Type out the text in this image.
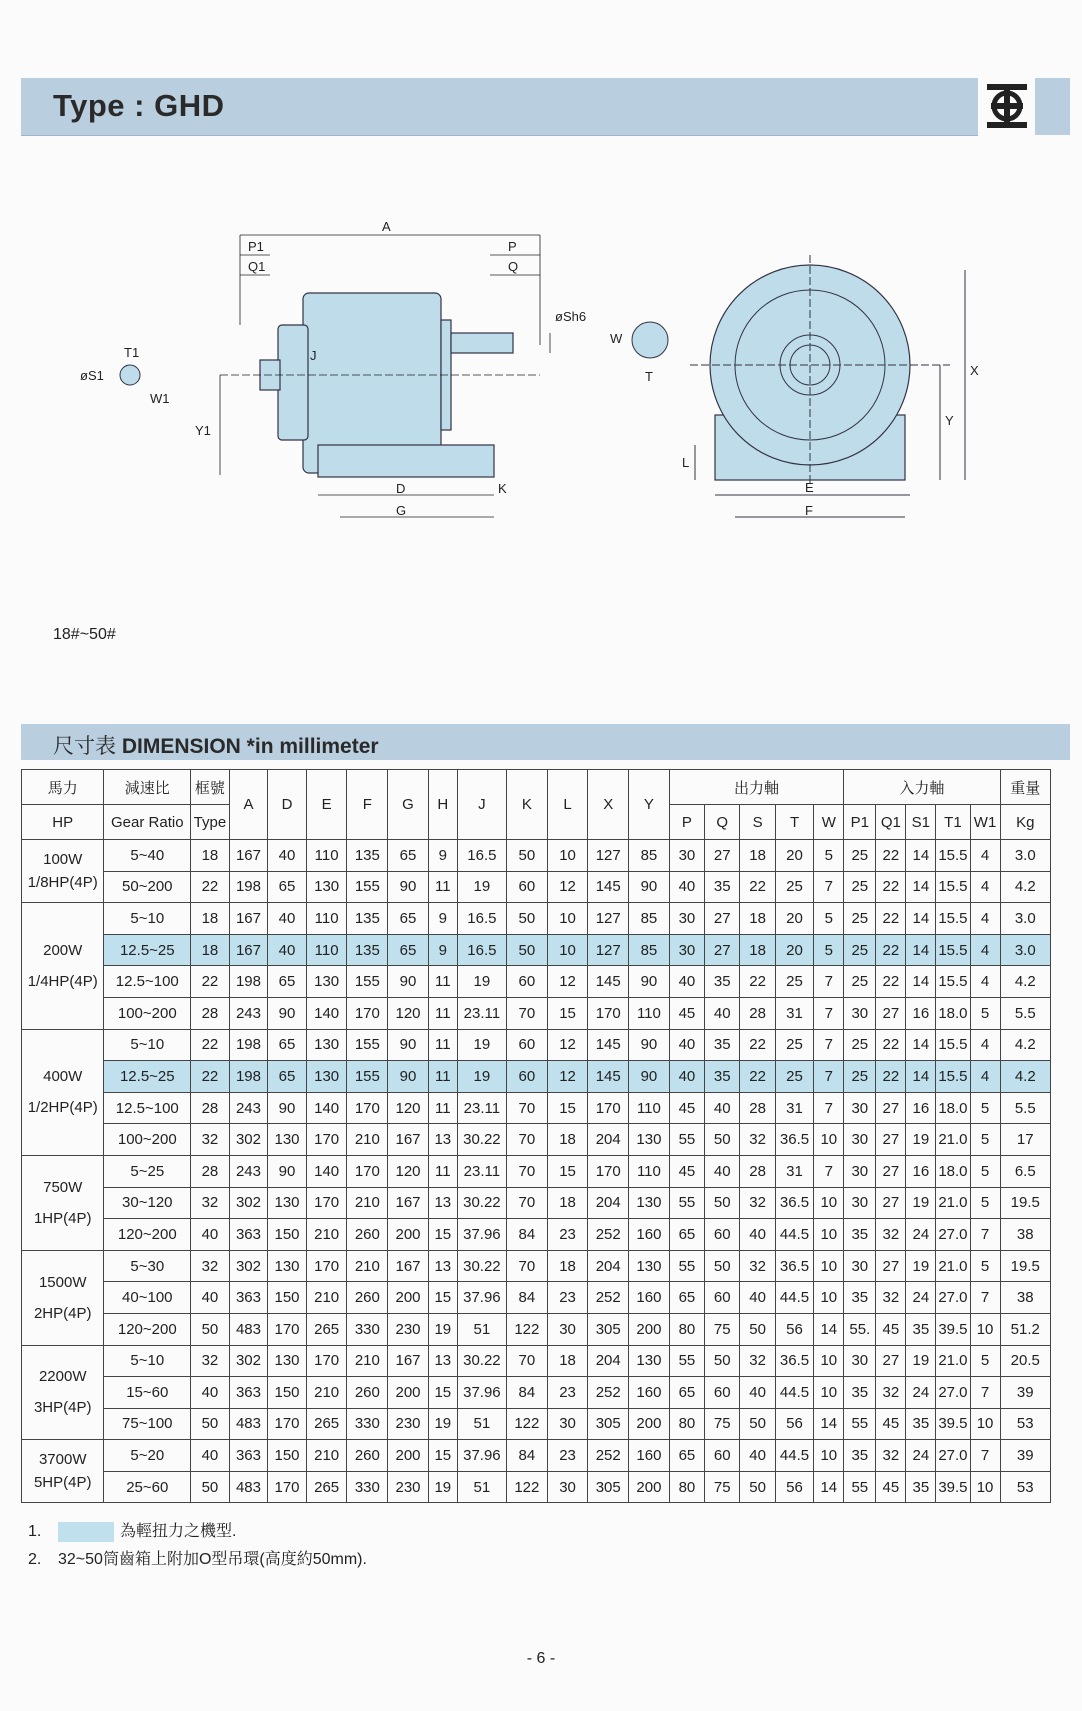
Type : GHD
A
P1	P
Q1	Q
T1
øS1
W1
J
øSh6
W
T
Y1
D	K
G
X
Y
L
E
F
18#~50#
尺寸表 DIMENSION *in millimeter
馬力	減速比	框號	A	D	E	F	G	H	J	K	L	X	Y	出力軸					入力軸					重量
HP	Gear Ratio	Type												P	Q	S	T	W	P1	Q1	S1	T1	W1	Kg

100W
1/8HP(4P)	5~40	18	167	40	110	135	65	9	16.5	50	10	127	85	30	27	18	20	5	25	22	14	15.5	4	3.0
	50~200	22	198	65	130	155	90	11	19	60	12	145	90	40	35	22	25	7	25	22	14	15.5	4	4.2

200W
1/4HP(4P)	5~10	18	167	40	110	135	65	9	16.5	50	10	127	85	30	27	18	20	5	25	22	14	15.5	4	3.0
	12.5~25	18	167	40	110	135	65	9	16.5	50	10	127	85	30	27	18	20	5	25	22	14	15.5	4	3.0
	12.5~100	22	198	65	130	155	90	11	19	60	12	145	90	40	35	22	25	7	25	22	14	15.5	4	4.2
	100~200	28	243	90	140	170	120	11	23.11	70	15	170	110	45	40	28	31	7	30	27	16	18.0	5	5.5

400W
1/2HP(4P)	5~10	22	198	65	130	155	90	11	19	60	12	145	90	40	35	22	25	7	25	22	14	15.5	4	4.2
	12.5~25	22	198	65	130	155	90	11	19	60	12	145	90	40	35	22	25	7	25	22	14	15.5	4	4.2
	12.5~100	28	243	90	140	170	120	11	23.11	70	15	170	110	45	40	28	31	7	30	27	16	18.0	5	5.5
	100~200	32	302	130	170	210	167	13	30.22	70	18	204	130	55	50	32	36.5	10	30	27	19	21.0	5	17

750W
1HP(4P)	5~25	28	243	90	140	170	120	11	23.11	70	15	170	110	45	40	28	31	7	30	27	16	18.0	5	6.5
	30~120	32	302	130	170	210	167	13	30.22	70	18	204	130	55	50	32	36.5	10	30	27	19	21.0	5	19.5
	120~200	40	363	150	210	260	200	15	37.96	84	23	252	160	65	60	40	44.5	10	35	32	24	27.0	7	38

1500W
2HP(4P)	5~30	32	302	130	170	210	167	13	30.22	70	18	204	130	55	50	32	36.5	10	30	27	19	21.0	5	19.5
	40~100	40	363	150	210	260	200	15	37.96	84	23	252	160	65	60	40	44.5	10	35	32	24	27.0	7	38
	120~200	50	483	170	265	330	230	19	51	122	30	305	200	80	75	50	56	14	55.	45	35	39.5	10	51.2

2200W
3HP(4P)	5~10	32	302	130	170	210	167	13	30.22	70	18	204	130	55	50	32	36.5	10	30	27	19	21.0	5	20.5
	15~60	40	363	150	210	260	200	15	37.96	84	23	252	160	65	60	40	44.5	10	35	32	24	27.0	7	39
	75~100	50	483	170	265	330	230	19	51	122	30	305	200	80	75	50	56	14	55	45	35	39.5	10	53

3700W
5HP(4P)	5~20	40	363	150	210	260	200	15	37.96	84	23	252	160	65	60	40	44.5	10	35	32	24	27.0	7	39
	25~60	50	483	170	265	330	230	19	51	122	30	305	200	80	75	50	56	14	55	45	35	39.5	10	53
1.	為輕扭力之機型.
2. 32~50筒齒箱上附加O型吊環(高度約50mm).
- 6 -
